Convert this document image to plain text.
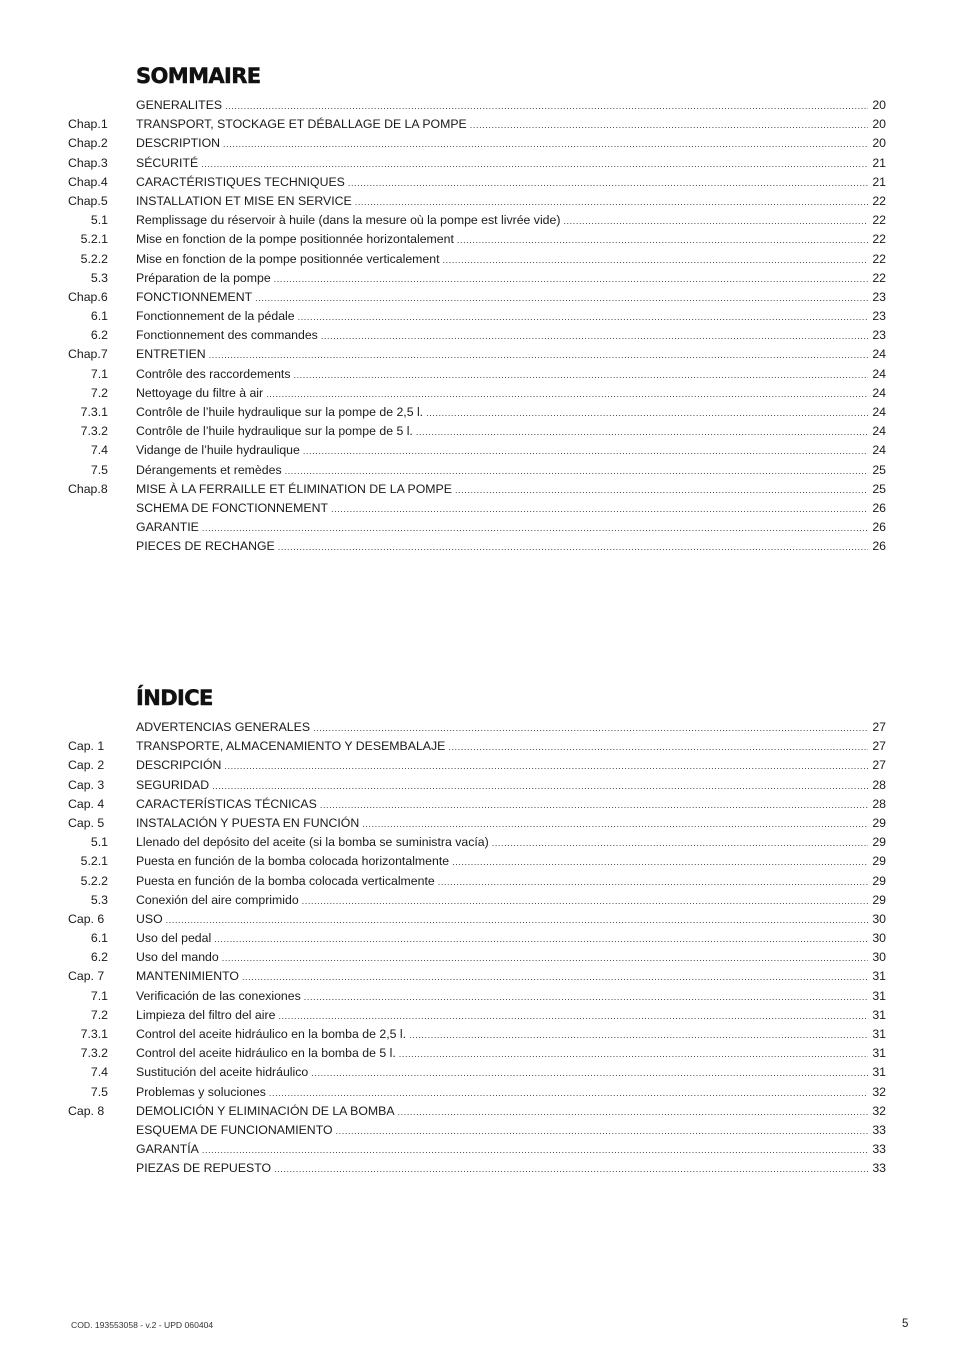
SOMMAIRE
GENERALITES .....	20
Chap.1 TRANSPORT, STOCKAGE ET DÉBALLAGE DE LA POMPE .....	20
Chap.2 DESCRIPTION .....	20
Chap.3 SÉCURITÉ .....	21
Chap.4 CARACTÉRISTIQUES TECHNIQUES .....	21
Chap.5 INSTALLATION ET MISE EN SERVICE .....	22
5.1 Remplissage du réservoir à huile (dans la mesure où la pompe est livrée vide) .....	22
5.2.1 Mise en fonction de la pompe positionnée horizontalement .....	22
5.2.2 Mise en fonction de la pompe positionnée verticalement .....	22
5.3 Préparation de la pompe .....	22
Chap.6 FONCTIONNEMENT .....	23
6.1 Fonctionnement de la pédale .....	23
6.2 Fonctionnement des commandes .....	23
Chap.7 ENTRETIEN .....	24
7.1 Contrôle des raccordements .....	24
7.2 Nettoyage du filtre à air .....	24
7.3.1 Contrôle de l’huile hydraulique sur la pompe de 2,5 l. .....	24
7.3.2 Contrôle de l’huile hydraulique sur la pompe de 5 l. .....	24
7.4 Vidange de l’huile hydraulique .....	24
7.5 Dérangements et remèdes .....	25
Chap.8 MISE À LA FERRAILLE ET ÉLIMINATION DE LA POMPE .....	25
SCHEMA DE FONCTIONNEMENT .....	26
GARANTIE .....	26
PIECES DE RECHANGE .....	26
ÍNDICE
ADVERTENCIAS GENERALES .....	27
Cap. 1	TRANSPORTE, ALMACENAMIENTO Y DESEMBALAJE .....	27
Cap. 2	DESCRIPCIÓN .....	27
Cap. 3	SEGURIDAD .....	28
Cap. 4	CARACTERÍSTICAS TÉCNICAS .....	28
Cap. 5	INSTALACIÓN Y PUESTA EN FUNCIÓN .....	29
5.1 Llenado del depósito del aceite (si la bomba se suministra vacía) .....	29
5.2.1 Puesta en función de la bomba colocada horizontalmente .....	29
5.2.2 Puesta en función de la bomba colocada verticalmente .....	29
5.3 Conexión del aire comprimido .....	29
Cap. 6	USO .....	30
6.1 Uso del pedal .....	30
6.2 Uso del mando .....	30
Cap. 7	MANTENIMIENTO .....	31
7.1 Verificación de las conexiones .....	31
7.2 Limpieza del filtro del aire .....	31
7.3.1 Control del aceite hidráulico en la bomba de 2,5 l. .....	31
7.3.2 Control del aceite hidráulico en la bomba de 5 l. .....	31
7.4 Sustitución del aceite hidráulico .....	31
7.5 Problemas y soluciones .....	32
Cap. 8	DEMOLICIÓN Y ELIMINACIÓN DE LA BOMBA .....	32
ESQUEMA DE FUNCIONAMIENTO .....	33
GARANTÍA .....	33
PIEZAS DE REPUESTO .....	33
COD. 193553058 - v.2 - UPD 060404	5
